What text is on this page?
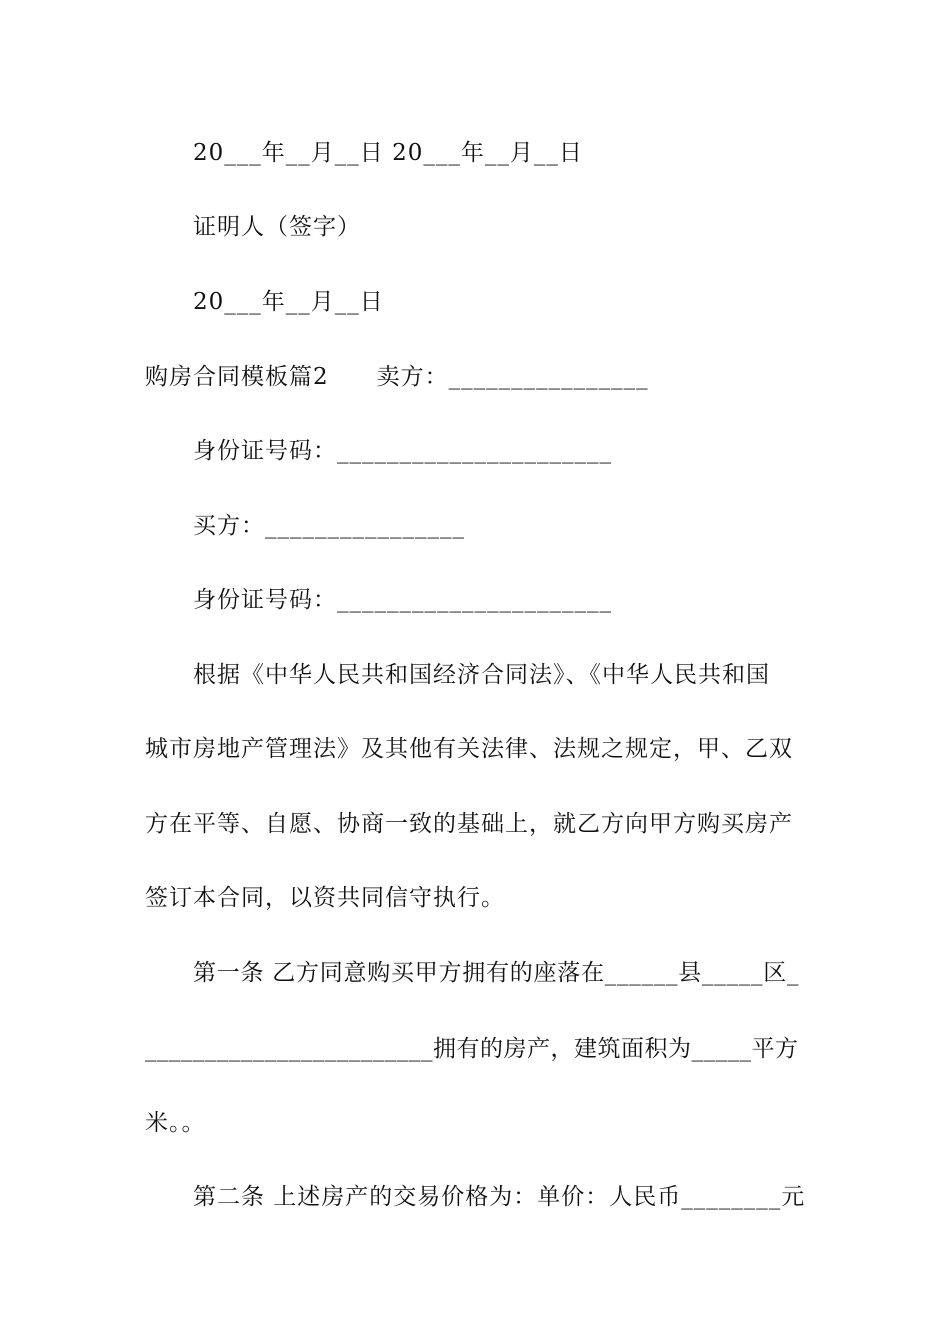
20___年__月__日 20___年__月__日
证明人（签字）
20___年__月__日
购房合同模板篇2　　卖方：________________
身份证号码：______________________
买方：________________
身份证号码：______________________
根据《中华人民共和国经济合同法》、《中华人民共和国
城市房地产管理法》及其他有关法律、法规之规定，甲、乙双
方在平等、自愿、协商一致的基础上，就乙方向甲方购买房产
签订本合同，以资共同信守执行。
第一条 乙方同意购买甲方拥有的座落在______县_____区_
________________________拥有的房产，建筑面积为_____平方
米。。
第二条 上述房产的交易价格为：单价：人民币________元
